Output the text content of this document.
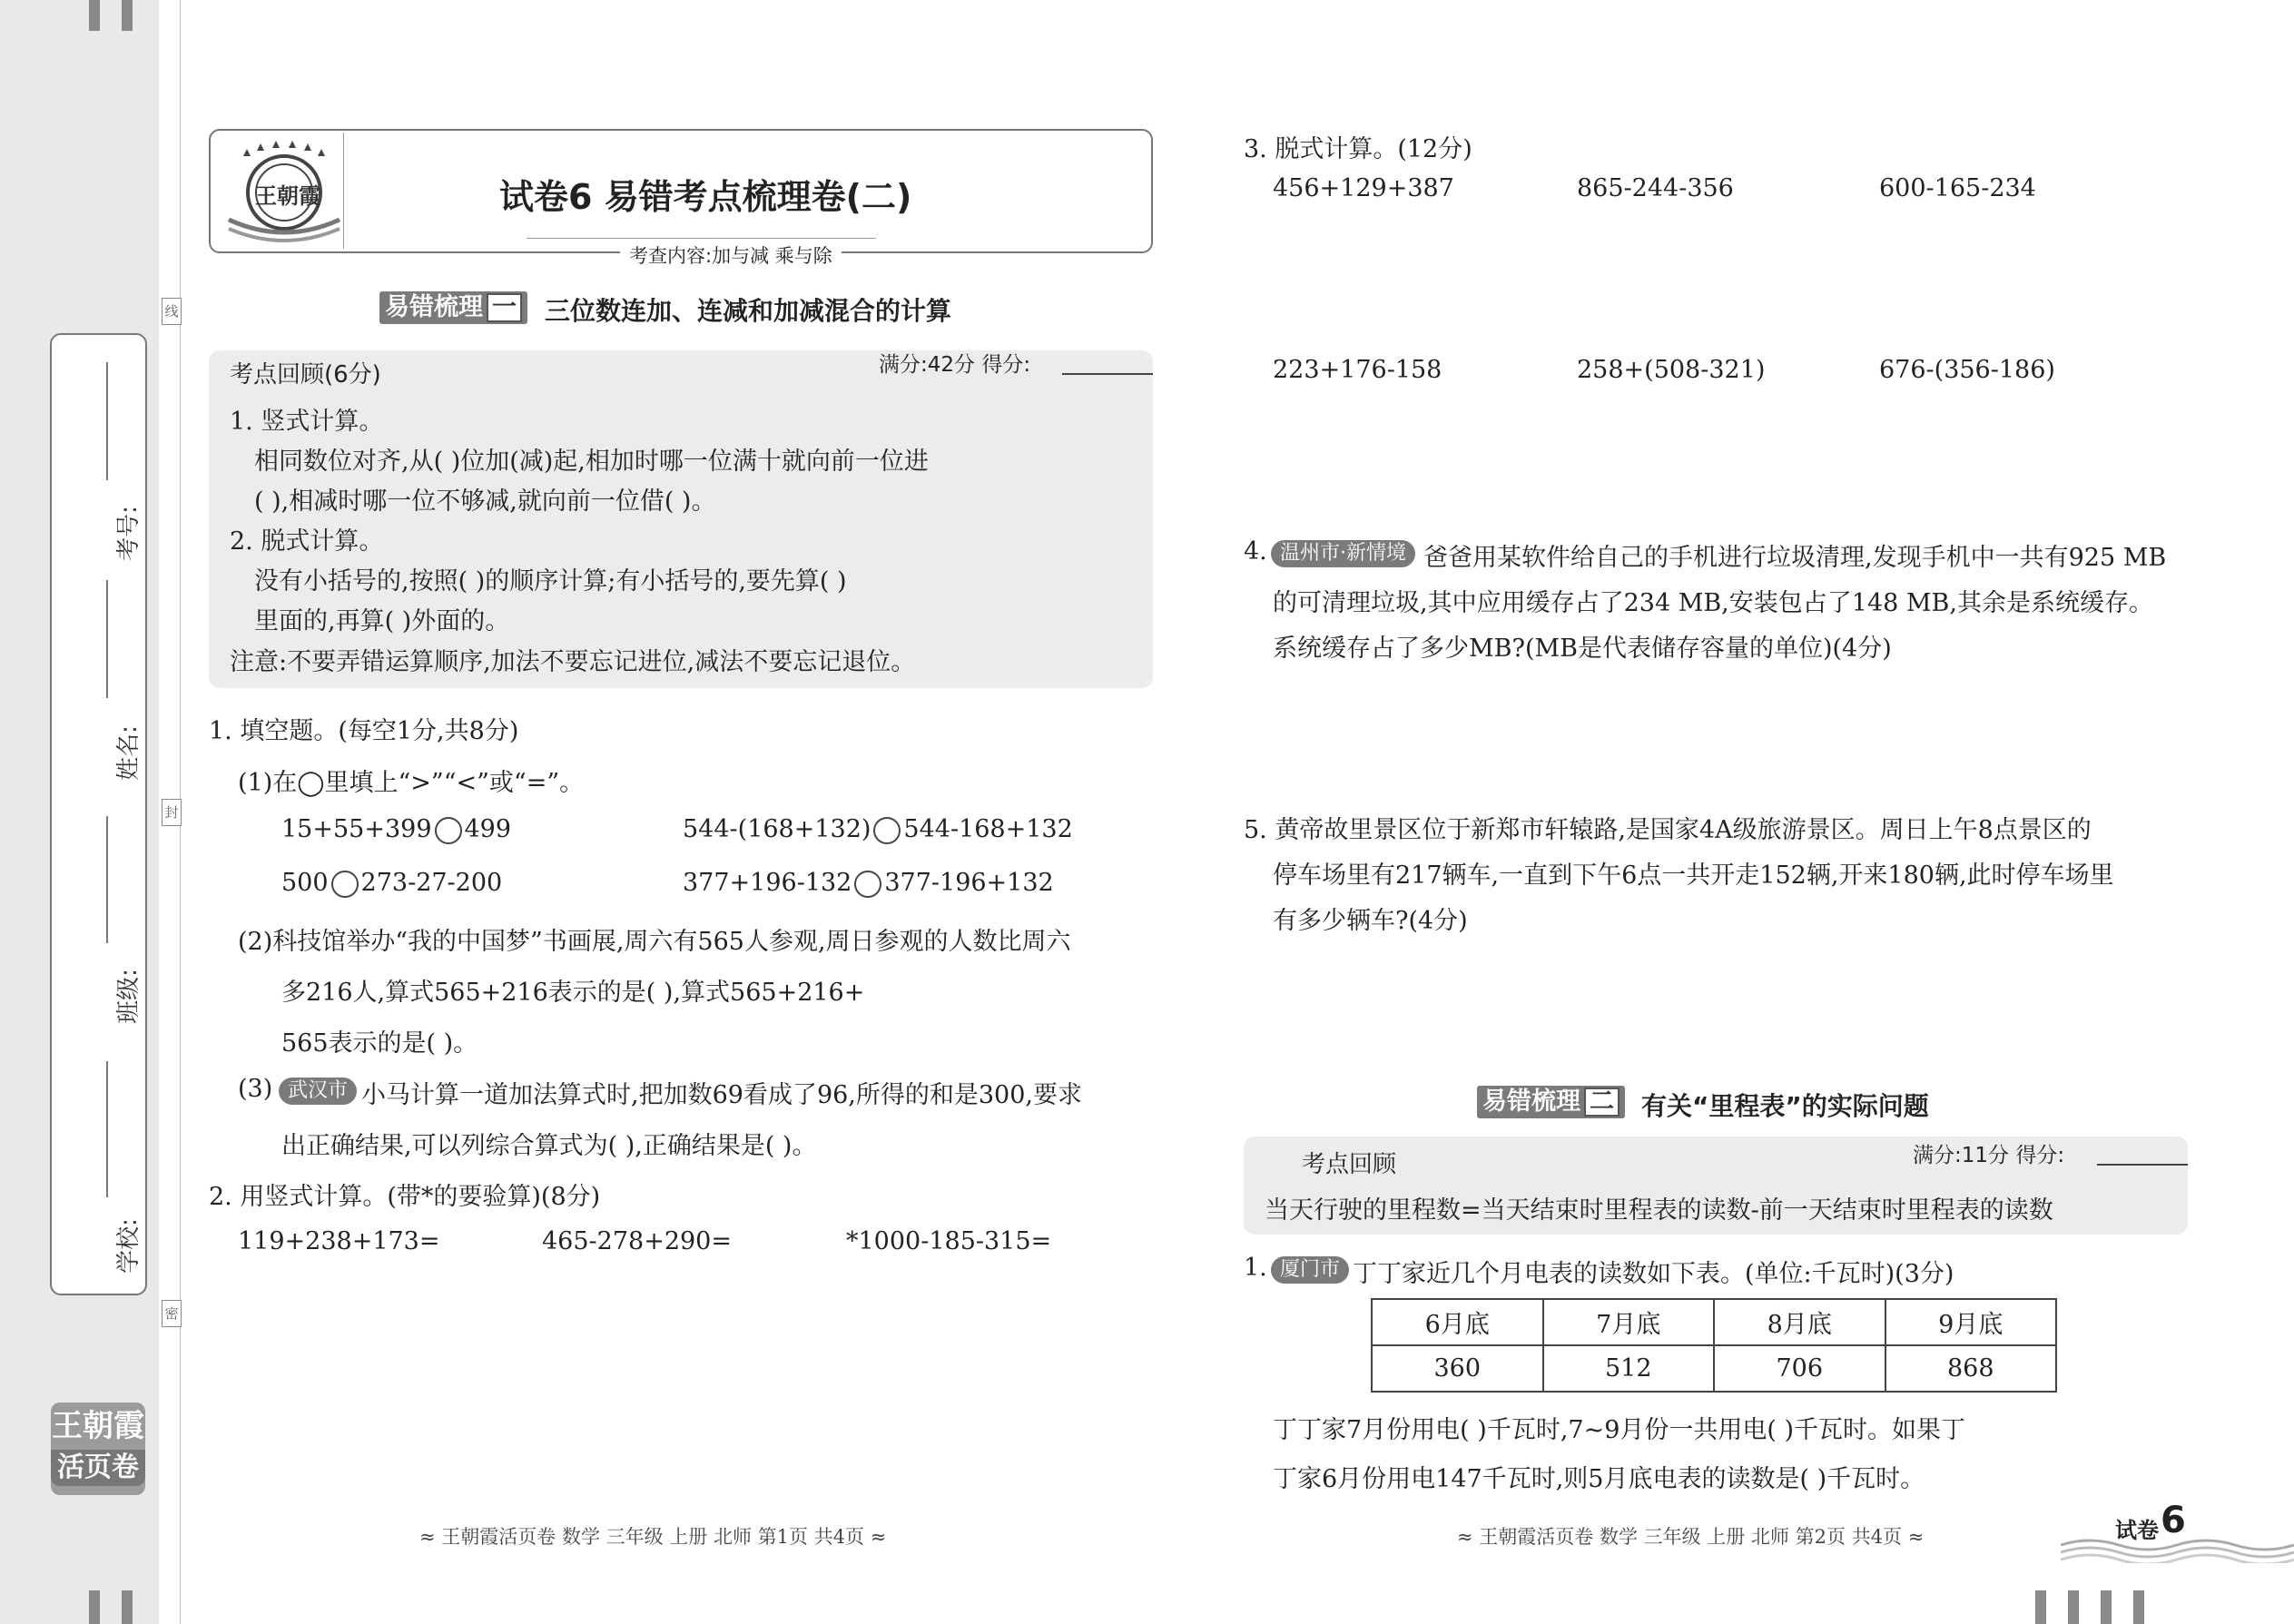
考号:
姓名:
班级:
学校:
线
封
密
王朝霞
活页卷
王朝霞	试卷6 易错考点梳理卷(二)
考查内容:加与减 乘与除
易错梳理 一	三位数连加、连减和加减混合的计算
考点回顾(6分)	满分:42分 得分:
1. 竖式计算。
相同数位对齐,从( )位加(减)起,相加时哪一位满十就向前一位进
( ),相减时哪一位不够减,就向前一位借( )。
2. 脱式计算。
没有小括号的,按照( )的顺序计算;有小括号的,要先算( )
里面的,再算( )外面的。
注意:不要弄错运算顺序,加法不要忘记进位,减法不要忘记退位。
1. 填空题。(每空1分,共8分)
(1)在◯里填上“>”“<”或“=”。
15+55+399 499	544-(168+132) 544-168+132
500 273-27-200	377+196-132 377-196+132
(2)科技馆举办“我的中国梦”书画展,周六有565人参观,周日参观的人数比周六
多216人,算式565+216表示的是( ),算式565+216+
565表示的是( )。
(3) 武汉市 小马计算一道加法算式时,把加数69看成了96,所得的和是300,要求
出正确结果,可以列综合算式为( ),正确结果是( )。
2. 用竖式计算。(带*的要验算)(8分)
119+238+173=	465-278+290=	*1000-185-315=
3. 脱式计算。(12分)
456+129+387	865-244-356	600-165-234
223+176-158	258+(508-321)	676-(356-186)
4. 温州市·新情境 爸爸用某软件给自己的手机进行垃圾清理,发现手机中一共有925 MB
的可清理垃圾,其中应用缓存占了234 MB,安装包占了148 MB,其余是系统缓存。
系统缓存占了多少MB?(MB是代表储存容量的单位)(4分)
5. 黄帝故里景区位于新郑市轩辕路,是国家4A级旅游景区。周日上午8点景区的
停车场里有217辆车,一直到下午6点一共开走152辆,开来180辆,此时停车场里
有多少辆车?(4分)
易错梳理 二	有关“里程表”的实际问题
满分:11分 得分:
考点回顾
当天行驶的里程数=当天结束时里程表的读数-前一天结束时里程表的读数
1. 厦门市 丁丁家近几个月电表的读数如下表。(单位:千瓦时)(3分)
6月底	7月底	8月底	9月底
360	512	706	868
丁丁家7月份用电( )千瓦时,7~9月份一共用电( )千瓦时。如果丁
丁家6月份用电147千瓦时,则5月底电表的读数是( )千瓦时。
≈ 王朝霞活页卷 数学 三年级 上册 北师 第1页 共4页 ≈	≈ 王朝霞活页卷 数学 三年级 上册 北师 第2页 共4页 ≈	试卷 6
